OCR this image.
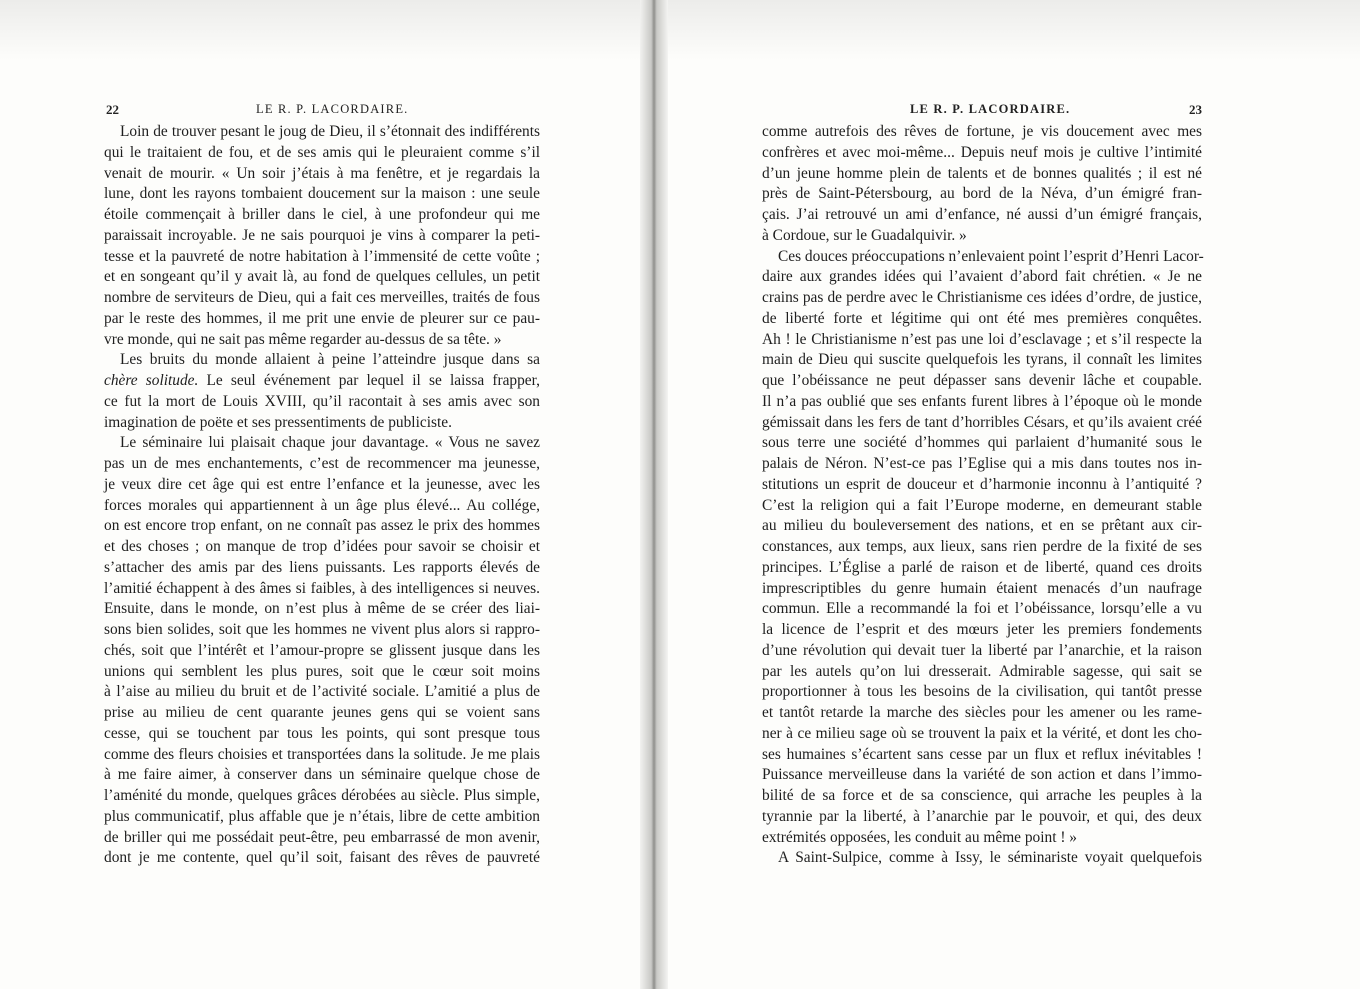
22	LE R. P. LACORDAIRE.
Loin de trouver pesant le joug de Dieu, il s’étonnait des indifférents
qui le traitaient de fou, et de ses amis qui le pleuraient comme s’il
venait de mourir. « Un soir j’étais à ma fenêtre, et je regardais la
lune, dont les rayons tombaient doucement sur la maison : une seule
étoile commençait à briller dans le ciel, à une profondeur qui me
paraissait incroyable. Je ne sais pourquoi je vins à comparer la peti-
tesse et la pauvreté de notre habitation à l’immensité de cette voûte ;
et en songeant qu’il y avait là, au fond de quelques cellules, un petit
nombre de serviteurs de Dieu, qui a fait ces merveilles, traités de fous
par le reste des hommes, il me prit une envie de pleurer sur ce pau-
vre monde, qui ne sait pas même regarder au-dessus de sa tête. »
Les bruits du monde allaient à peine l’atteindre jusque dans sa
chère solitude. Le seul événement par lequel il se laissa frapper,
ce fut la mort de Louis XVIII, qu’il racontait à ses amis avec son
imagination de poëte et ses pressentiments de publiciste.
Le séminaire lui plaisait chaque jour davantage. « Vous ne savez
pas un de mes enchantements, c’est de recommencer ma jeunesse,
je veux dire cet âge qui est entre l’enfance et la jeunesse, avec les
forces morales qui appartiennent à un âge plus élevé... Au collége,
on est encore trop enfant, on ne connaît pas assez le prix des hommes
et des choses ; on manque de trop d’idées pour savoir se choisir et
s’attacher des amis par des liens puissants. Les rapports élevés de
l’amitié échappent à des âmes si faibles, à des intelligences si neuves.
Ensuite, dans le monde, on n’est plus à même de se créer des liai-
sons bien solides, soit que les hommes ne vivent plus alors si rappro-
chés, soit que l’intérêt et l’amour-propre se glissent jusque dans les
unions qui semblent les plus pures, soit que le cœur soit moins
à l’aise au milieu du bruit et de l’activité sociale. L’amitié a plus de
prise au milieu de cent quarante jeunes gens qui se voient sans
cesse, qui se touchent par tous les points, qui sont presque tous
comme des fleurs choisies et transportées dans la solitude. Je me plais
à me faire aimer, à conserver dans un séminaire quelque chose de
l’aménité du monde, quelques grâces dérobées au siècle. Plus simple,
plus communicatif, plus affable que je n’étais, libre de cette ambition
de briller qui me possédait peut-être, peu embarrassé de mon avenir,
dont je me contente, quel qu’il soit, faisant des rêves de pauvreté
LE R. P. LACORDAIRE.	23
comme autrefois des rêves de fortune, je vis doucement avec mes
confrères et avec moi-même... Depuis neuf mois je cultive l’intimité
d’un jeune homme plein de talents et de bonnes qualités ; il est né
près de Saint-Pétersbourg, au bord de la Néva, d’un émigré fran-
çais. J’ai retrouvé un ami d’enfance, né aussi d’un émigré français,
à Cordoue, sur le Guadalquivir. »
Ces douces préoccupations n’enlevaient point l’esprit d’Henri Lacor-
daire aux grandes idées qui l’avaient d’abord fait chrétien. « Je ne
crains pas de perdre avec le Christianisme ces idées d’ordre, de justice,
de liberté forte et légitime qui ont été mes premières conquêtes.
Ah ! le Christianisme n’est pas une loi d’esclavage ; et s’il respecte la
main de Dieu qui suscite quelquefois les tyrans, il connaît les limites
que l’obéissance ne peut dépasser sans devenir lâche et coupable.
Il n’a pas oublié que ses enfants furent libres à l’époque où le monde
gémissait dans les fers de tant d’horribles Césars, et qu’ils avaient créé
sous terre une société d’hommes qui parlaient d’humanité sous le
palais de Néron. N’est-ce pas l’Eglise qui a mis dans toutes nos in-
stitutions un esprit de douceur et d’harmonie inconnu à l’antiquité ?
C’est la religion qui a fait l’Europe moderne, en demeurant stable
au milieu du bouleversement des nations, et en se prêtant aux cir-
constances, aux temps, aux lieux, sans rien perdre de la fixité de ses
principes. L’Église a parlé de raison et de liberté, quand ces droits
imprescriptibles du genre humain étaient menacés d’un naufrage
commun. Elle a recommandé la foi et l’obéissance, lorsqu’elle a vu
la licence de l’esprit et des mœurs jeter les premiers fondements
d’une révolution qui devait tuer la liberté par l’anarchie, et la raison
par les autels qu’on lui dresserait. Admirable sagesse, qui sait se
proportionner à tous les besoins de la civilisation, qui tantôt presse
et tantôt retarde la marche des siècles pour les amener ou les rame-
ner à ce milieu sage où se trouvent la paix et la vérité, et dont les cho-
ses humaines s’écartent sans cesse par un flux et reflux inévitables !
Puissance merveilleuse dans la variété de son action et dans l’immo-
bilité de sa force et de sa conscience, qui arrache les peuples à la
tyrannie par la liberté, à l’anarchie par le pouvoir, et qui, des deux
extrémités opposées, les conduit au même point ! »
A Saint-Sulpice, comme à Issy, le séminariste voyait quelquefois
